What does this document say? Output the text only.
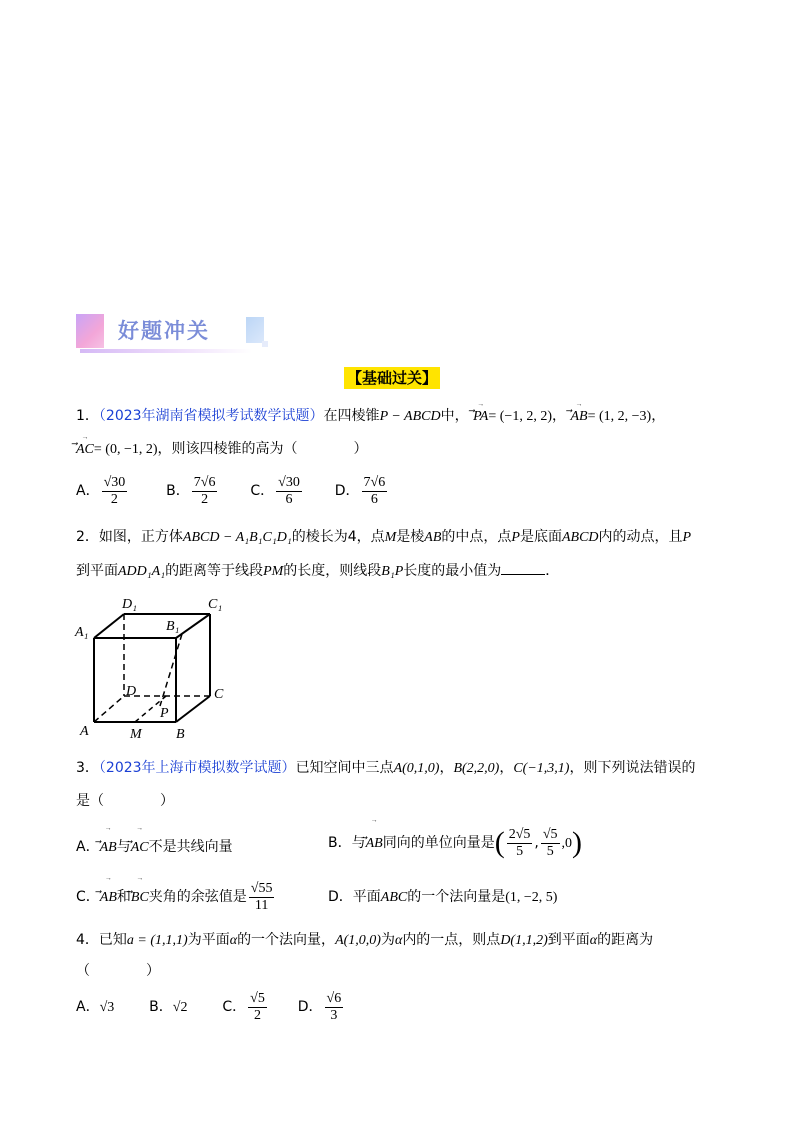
好题冲关
【基础过关】
1．（2023年湖南省模拟考试数学试题）在四棱锥P − ABCD中，
⃗ →
PA= (−1, 2, 2)，
⃗ →
AB= (1, 2, −3)，
⃗ →
AC= (0, −1, 2)，则该四棱锥的高为（　　　　）
A． $\frac{√30}{2}$	B． $\frac{7√6}{2}$ C． $\frac{√30}{6}$ D． $\frac{7√6}{6}$
2．如图，正方体ABCD − A₁B₁C₁D₁的棱长为4，点M是棱AB的中点，点P是底面ABCD内的动点，且P
到平面ADD₁A₁的距离等于线段PM的长度，则线段B₁P长度的最小值为	．
D₁	C₁
A₁	B₁
D	C
P
A	M B
3．（2023年上海市模拟数学试题）已知空间中三点A(0,1,0)，B(2,2,0)，C(−1,3,1)，则下列说法错误的
是（　　　　）
A．
⃗ →
AB与
⃗ →
AC不是共线向量	B．与
⃗ →
AB同向的单位向量是( $\frac{2√5}{5}$ , $\frac{√5}{5} ,0$)
C．
⃗ →
AB和
⃗ →
BC夹角的余弦值是 $\frac{√55}{11}$	D．平面ABC的一个法向量是(1, −2, 5)
4．已知a = (1,1,1)为平面α的一个法向量，A(1,0,0)为α内的一点，则点D(1,1,2)到平面α的距离为
（　　　　）
A．√3 B．√2 C． $\frac{√5}{2}$ D． $\frac{√6}{3}$
